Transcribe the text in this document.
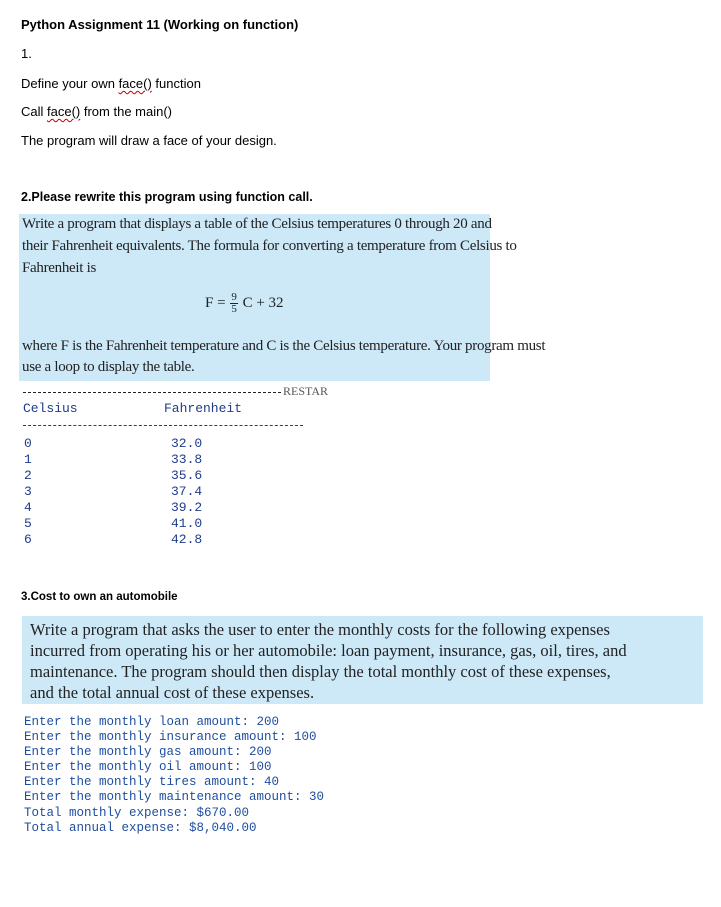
Python Assignment 11 (Working on function)
1.
Define your own face() function
Call face() from the main()
The program will draw a face of your design.
2.Please rewrite this program using function call.
Write a program that displays a table of the Celsius temperatures 0 through 20 and
their Fahrenheit equivalents. The formula for converting a temperature from Celsius to
Fahrenheit is
$F = \frac{9}{5}$ C + 32
where F is the Fahrenheit temperature and C is the Celsius temperature. Your program must
use a loop to display the table.
RESTAR
Celsius	Fahrenheit
0	32.0
1	33.8
2	35.6
3	37.4
4	39.2
5	41.0
6	42.8
3.Cost to own an automobile
Write a program that asks the user to enter the monthly costs for the following expenses
incurred from operating his or her automobile: loan payment, insurance, gas, oil, tires, and
maintenance. The program should then display the total monthly cost of these expenses,
and the total annual cost of these expenses.
Enter the monthly loan amount: 200
Enter the monthly insurance amount: 100
Enter the monthly gas amount: 200
Enter the monthly oil amount: 100
Enter the monthly tires amount: 40
Enter the monthly maintenance amount: 30
Total monthly expense: $670.00
Total annual expense: $8,040.00
